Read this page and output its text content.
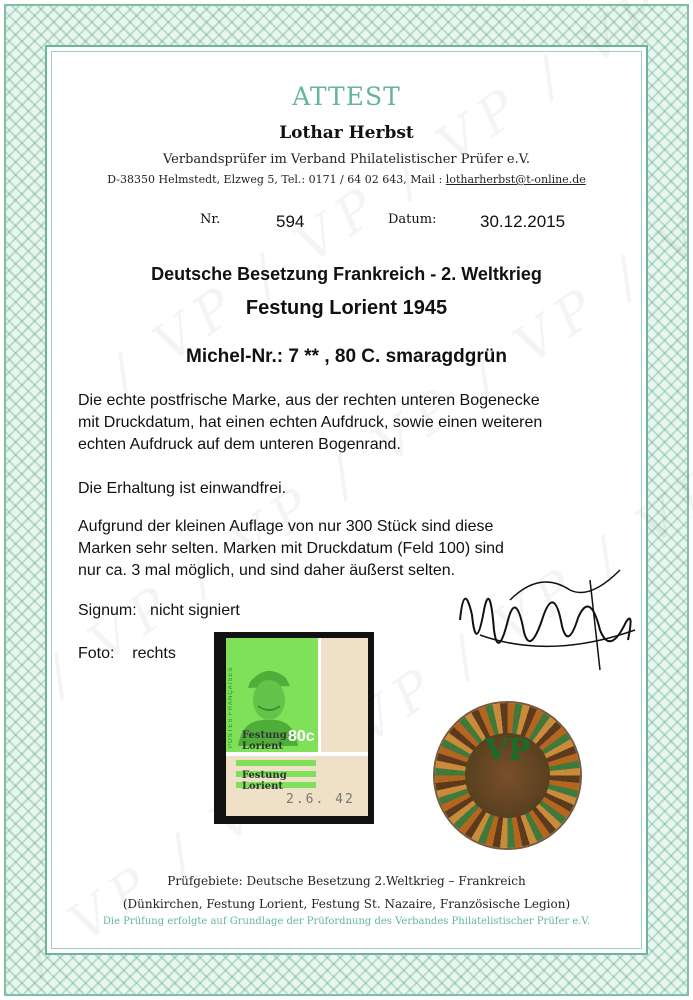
ATTEST
Lothar Herbst
Verbandsprüfer im Verband Philatelistischer Prüfer e.V.
D-38350 Helmstedt, Elzweg 5, Tel.: 0171 / 64 02 643, Mail : lotharherbst@t-online.de
Nr.	594	Datum:	30.12.2015
Deutsche Besetzung Frankreich - 2. Weltkrieg
Festung Lorient 1945
Michel-Nr.: 7 ** , 80 C. smaragdgrün
Die echte postfrische Marke, aus der rechten unteren Bogenecke
mit Druckdatum, hat einen echten Aufdruck, sowie einen weiteren
echten Aufdruck auf dem unteren Bogenrand.
Die Erhaltung ist einwandfrei.
Aufgrund der kleinen Auflage von nur 300 Stück sind diese
Marken sehr selten. Marken mit Druckdatum (Feld 100) sind
nur ca. 3 mal möglich, und sind daher äußerst selten.
Signum: nicht signiert
Foto: rechts
POSTES FRANÇAISES	80c
Festung
Lorient
Festung
Lorient
2.6. 42
VP
Prüfgebiete: Deutsche Besetzung 2.Weltkrieg – Frankreich
(Dünkirchen, Festung Lorient, Festung St. Nazaire, Französische Legion)
Die Prüfung erfolgte auf Grundlage der Prüfordnung des Verbandes Philatelistischer Prüfer e.V.
